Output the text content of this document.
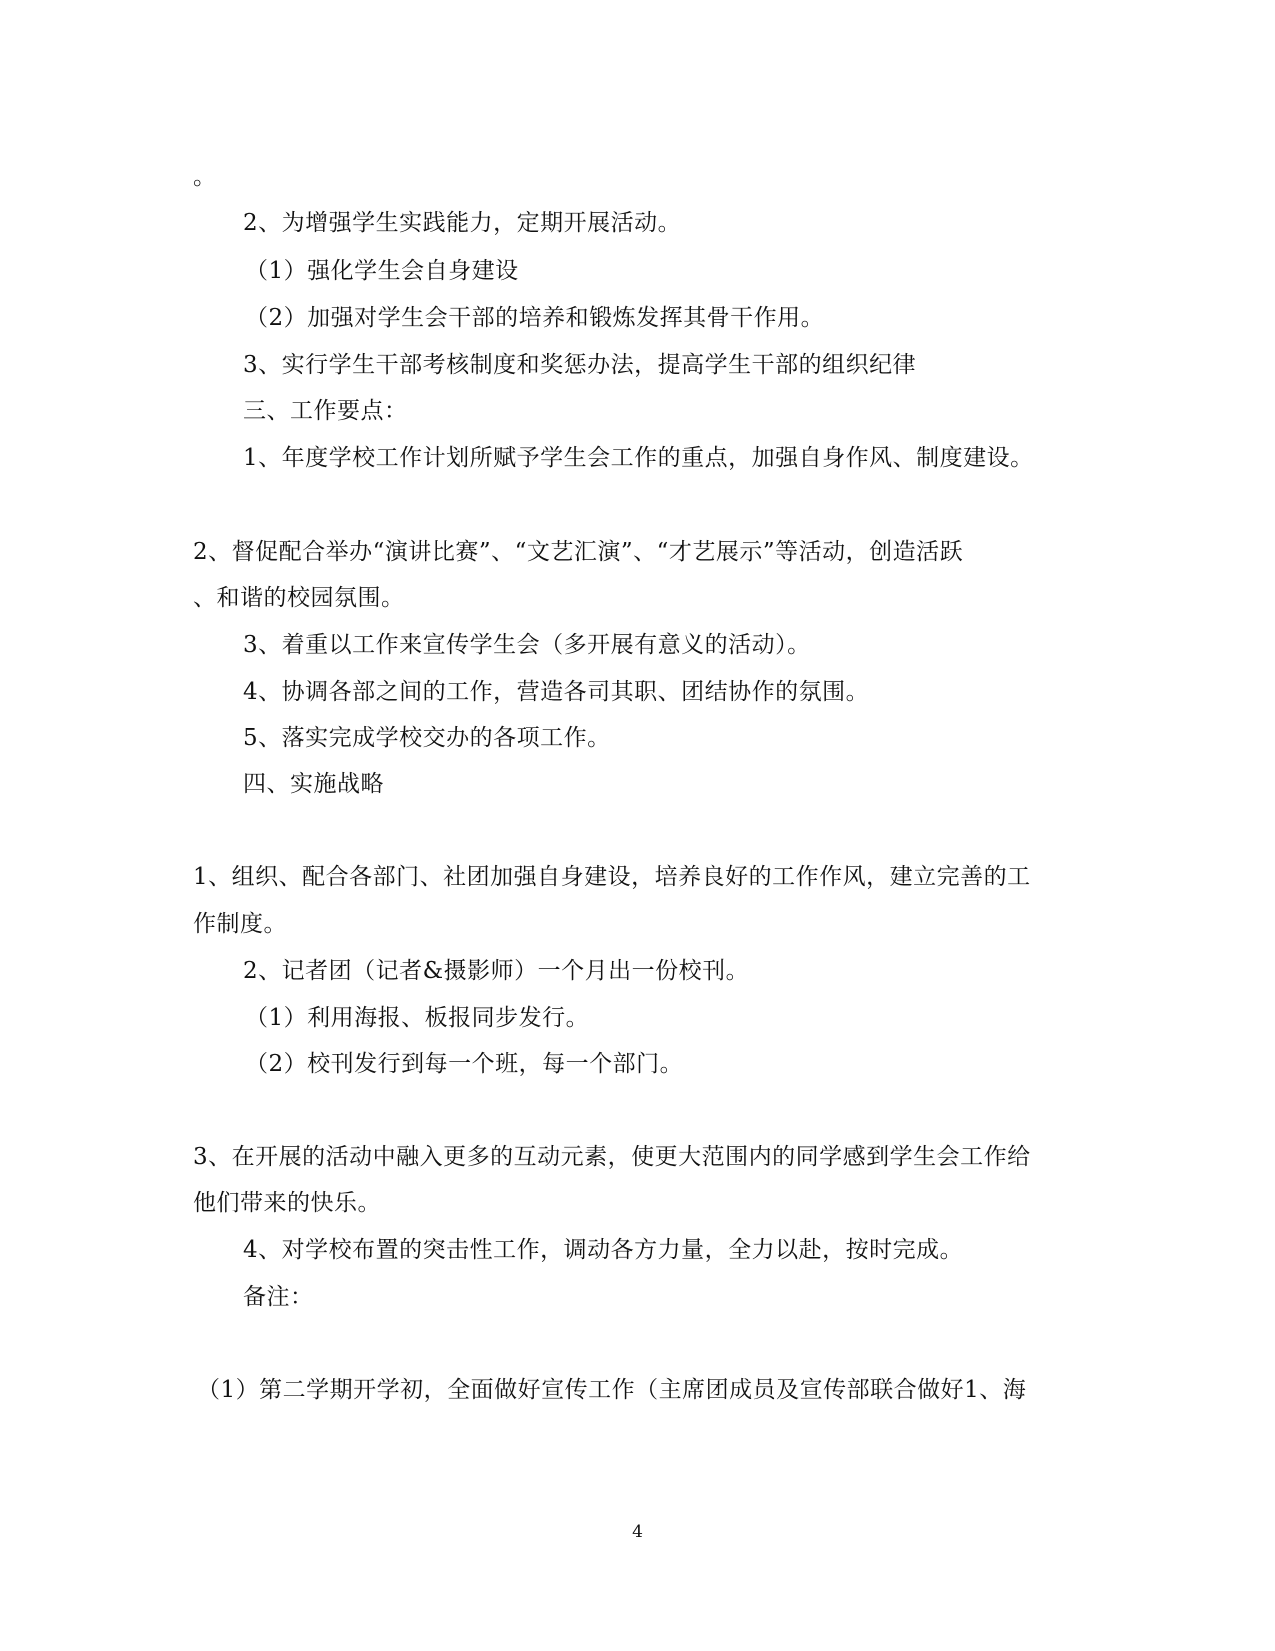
。
2、为增强学生实践能力，定期开展活动。
（1）强化学生会自身建设
（2）加强对学生会干部的培养和锻炼发挥其骨干作用。
3、实行学生干部考核制度和奖惩办法，提高学生干部的组织纪律
三、工作要点：
1、年度学校工作计划所赋予学生会工作的重点，加强自身作风、制度建设。
2、督促配合举办“演讲比赛”、“文艺汇演”、“才艺展示”等活动，创造活跃
、和谐的校园氛围。
3、着重以工作来宣传学生会（多开展有意义的活动）。
4、协调各部之间的工作，营造各司其职、团结协作的氛围。
5、落实完成学校交办的各项工作。
四、实施战略
1、组织、配合各部门、社团加强自身建设，培养良好的工作作风，建立完善的工
作制度。
2、记者团（记者&摄影师）一个月出一份校刊。
（1）利用海报、板报同步发行。
（2）校刊发行到每一个班，每一个部门。
3、在开展的活动中融入更多的互动元素，使更大范围内的同学感到学生会工作给
他们带来的快乐。
4、对学校布置的突击性工作，调动各方力量，全力以赴，按时完成。
备注：
（1）第二学期开学初，全面做好宣传工作（主席团成员及宣传部联合做好1、海
4
